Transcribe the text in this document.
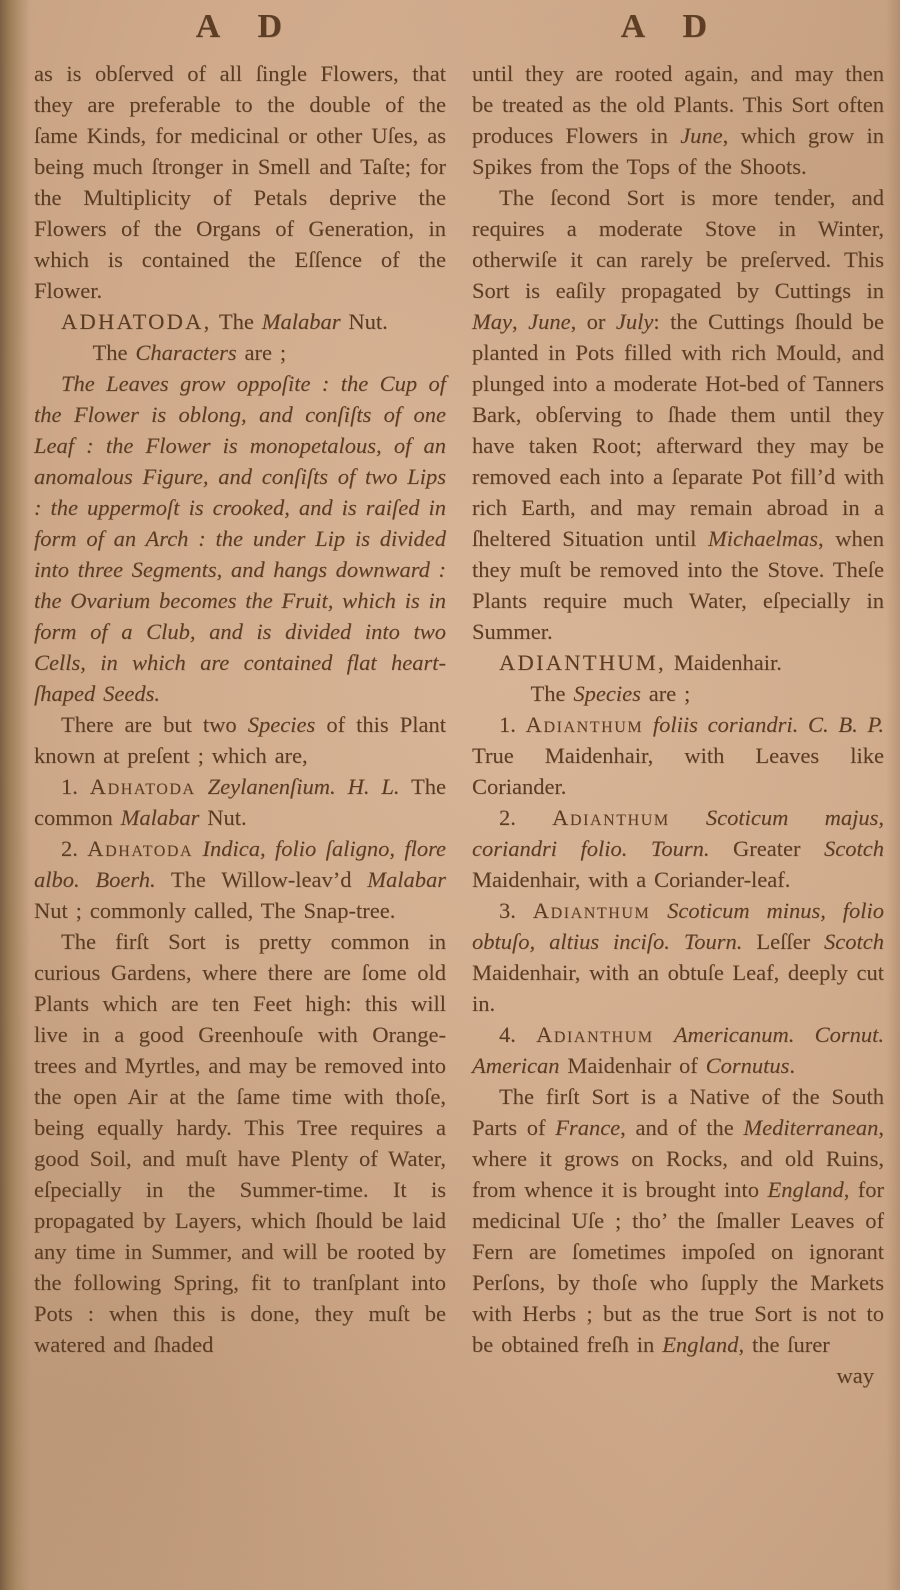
A D	A D

as is obſerved of all ſingle Flowers, that they are preferable to the double of the ſame Kinds, for medicinal or other Uſes, as being much ſtronger in Smell and Taſte; for the Multiplicity of Petals deprive the Flowers of the Organs of Generation, in which is contained the Eſſence of the Flower.

ADHATODA, The Malabar Nut.

The Characters are ;

The Leaves grow oppoſite : the Cup of the Flower is oblong, and conſiſts of one Leaf : the Flower is monopetalous, of an anomalous Figure, and conſiſts of two Lips : the uppermoſt is crooked, and is raiſed in form of an Arch : the under Lip is divided into three Segments, and hangs downward : the Ovarium becomes the Fruit, which is in form of a Club, and is divided into two Cells, in which are contained flat heart-ſhaped Seeds.

There are but two Species of this Plant known at preſent ; which are,

1. Adhatoda Zeylanenſium. H. L. The common Malabar Nut.

2. Adhatoda Indica, folio ſaligno, flore albo. Boerh. The Willow-leav’d Malabar Nut ; commonly called, The Snap-tree.

The firſt Sort is pretty common in curious Gardens, where there are ſome old Plants which are ten Feet high: this will live in a good Greenhouſe with Orange-trees and Myrtles, and may be removed into the open Air at the ſame time with thoſe, being equally hardy. This Tree requires a good Soil, and muſt have Plenty of Water, eſpecially in the Summer-time. It is propagated by Layers, which ſhould be laid any time in Summer, and will be rooted by the following Spring, fit to tranſplant into Pots : when this is done, they muſt be watered and ſhaded

until they are rooted again, and may then be treated as the old Plants. This Sort often produces Flowers in June, which grow in Spikes from the Tops of the Shoots.

The ſecond Sort is more tender, and requires a moderate Stove in Winter, otherwiſe it can rarely be preſerved. This Sort is eaſily propagated by Cuttings in May, June, or July: the Cuttings ſhould be planted in Pots filled with rich Mould, and plunged into a moderate Hot-bed of Tanners Bark, obſerving to ſhade them until they have taken Root; afterward they may be removed each into a ſeparate Pot fill’d with rich Earth, and may remain abroad in a ſheltered Situation until Michaelmas, when they muſt be removed into the Stove. Theſe Plants require much Water, eſpecially in Summer.

ADIANTHUM, Maidenhair.

The Species are ;

1. Adianthum foliis coriandri. C. B. P. True Maidenhair, with Leaves like Coriander.

2. Adianthum Scoticum majus, coriandri folio. Tourn. Greater Scotch Maidenhair, with a Coriander-leaf.

3. Adianthum Scoticum minus, folio obtuſo, altius inciſo. Tourn. Leſſer Scotch Maidenhair, with an obtuſe Leaf, deeply cut in.

4. Adianthum Americanum. Cornut. American Maidenhair of Cornutus.

The firſt Sort is a Native of the South Parts of France, and of the Mediterranean, where it grows on Rocks, and old Ruins, from whence it is brought into England, for medicinal Uſe ; tho’ the ſmaller Leaves of Fern are ſometimes impoſed on ignorant Perſons, by thoſe who ſupply the Markets with Herbs ; but as the true Sort is not to be obtained freſh in England, the ſurer

way
